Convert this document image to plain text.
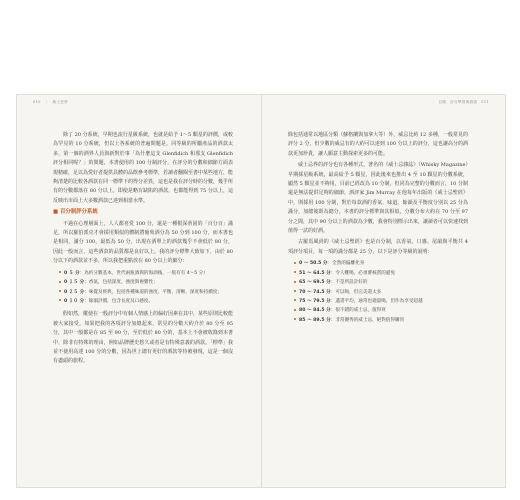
010　｜　威士忌學

除了 20 分系統，早期也流行星級系統，也就是給予 1～5 顆星的評價，或較為罕見的 10 分系統，但以上各系統的普遍問題是，同等級的所屬產品的酒款太多，第一個的酒界人員與新對於事「為什麼這支 Glenfidich 和那支 Glenfidich 評分相同呢？」的問題，本書使用的 100 分制評分，在評分的分數和細節方面表現精確，足以為愛好者提供具體的品飲參考標準，若讀者翻閱至書中某些地方，能夠清楚的比較各酒款在同一標準下的得分差異，這也是我在評分時的分數，幾乎所有的分數都落在 80 分以上，即使是略有缺陷的酒款，也都能得到 75 分以上，這反映出市面上大多數酒款已達到相當水準。

■ 百分制評分系統

不過在心理層面上，人人都喜愛 100 分，還是一種根深蒂固的「百分百」滿足，所以羅伯派克才會採用類似的體制將葡萄酒分為 50 分到 100 分，而本書也是相同，滿分 100，最低為 50 分，出現在酒單上的酒款幾乎不會低於 80 分，因此一般而言，這些酒款的品質都是良好以上。我的評分標準大致如下，由於 80 分以下的酒款並不多，所以我把重點放在 80 分以上的細分：

0 ５ 分：為約分數基本，世代兩瓶酒與的海酒後，一般有有 4～5 分）
0 １５ 分：香氣，包括深度、強度與複雜性；
0 ２５ 分：味覺及經典，包括各種味道的強度、平衡、清晰、深度和持續度；
0 １０ 分：餘韻評價，包含長度及口感度。

假如然，縱使在一般評分中有個人情感上的偏好因素在其中，某些原則比較能被大家接受。如果把我的各項評分加總起來，常見的分數大約介於 80 分至 95 分，其中一般都是在 85 至 90 分，至於低於 80 分的，基本上不會被收錄到本書中，除非有特殊的理由，例如品牌歷史悠久或者是有特殊意義的酒款。「標準」我並不使用高達 100 分的分數，因為世上總有更好的酒款等待被發現，這是一個沒有盡頭的旅程。

目錄．評分準則與酒款　011

除包括通常以地區分類（蘇格蘭與加拿大等）外，威忌比約 12 多種，一般常見的評分 2 分，但少數的威忌有的大約可以達到 100 分以上的評分，這也讓高分的酒款更加珍貴，讓人願意主動探索更多的可能。

威士忌界的評分也有各種形式，著名的《威士忌雜誌》（Whisky Magazine）早期採星級系統，最高給予 5 顆星，因此後來也推出 4 至 10 顆星的分數系統，顯然 5 顆星並不夠用，目前已經改為 10 分制，但同為完整的分數而言，10 分制還是無法提供足夠的細節。酒評家 Jim Murray 在他每年出版的《威士忌聖經》中，則採用 100 分制，對於每款酒的香氣、味道、餘韻及平衡度分別以 25 分為滿分，加總後即為總分。本書的評分標準與其相似，分數分布大約在 70 分至 97 分之間，其中 90 分以上的酒款為少數，我會特別標示出來，讓讀者可以快速找到值得一試的好酒。

古羅馬風尚的《威士忌聖經》也是百分制，以香氣、口感、尾韻與平衡共 4 項評分項目，每一項的滿分都是 25 分，以下是評分等級的說明：

0 ～ 50.5 分：全然的偏離化身
51 ～ 64.5 分：令人難喝，必須審核質的避免
65 ～ 69.5 分：不是所設計好的
70 ～ 74.5 分：可以喝，但完美還太多
75 ～ 79.5 分：遺書平均，通常也適量喝，但作為享受超越
80 ～ 84.5 分：很不錯的威士忌，值得買
85 ～ 89.5 分：非常優秀的威士忌，絕對值得購買
